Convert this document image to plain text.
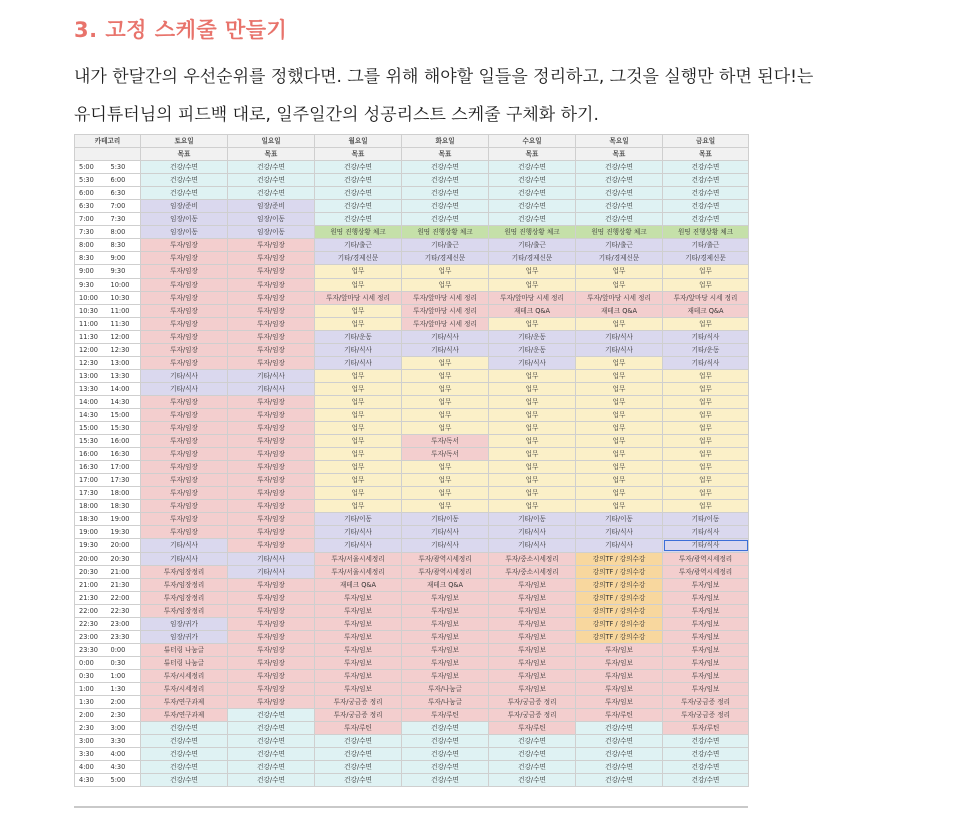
3. 고정 스케줄 만들기
내가 한달간의 우선순위를 정했다면. 그를 위해 해야할 일들을 정리하고, 그것을 실행만 하면 된다!는
유디튜터님의 피드백 대로, 일주일간의 성공리스트 스케줄 구체화 하기.
카테고리		토요일	일요일	월요일	화요일	수요일	목요일	금요일
		목표	목표	목표	목표	목표	목표	목표
5:00	5:30	건강/수면	건강/수면	건강/수면	건강/수면	건강/수면	건강/수면	건강/수면
5:30	6:00	건강/수면	건강/수면	건강/수면	건강/수면	건강/수면	건강/수면	건강/수면
6:00	6:30	건강/수면	건강/수면	건강/수면	건강/수면	건강/수면	건강/수면	건강/수면
6:30	7:00	임장/준비	임장/준비	건강/수면	건강/수면	건강/수면	건강/수면	건강/수면
7:00	7:30	임장/이동	임장/이동	건강/수면	건강/수면	건강/수면	건강/수면	건강/수면
7:30	8:00	임장/이동	임장/이동	원띵 진행상황 체크	원띵 진행상황 체크	원띵 진행상황 체크	원띵 진행상황 체크	원띵 진행상황 체크
8:00	8:30	투자/임장	투자/임장	기타/출근	기타/출근	기타/출근	기타/출근	기타/출근
8:30	9:00	투자/임장	투자/임장	기타/경제신문	기타/경제신문	기타/경제신문	기타/경제신문	기타/경제신문
9:00	9:30	투자/임장	투자/임장	업무	업무	업무	업무	업무
9:30	10:00	투자/임장	투자/임장	업무	업무	업무	업무	업무
10:00	10:30	투자/임장	투자/임장	투자/앞마당 시세 정리	투자/앞마당 시세 정리	투자/앞마당 시세 정리	투자/앞마당 시세 정리	투자/앞마당 시세 정리
10:30	11:00	투자/임장	투자/임장	업무	투자/앞마당 시세 정리	재테크 Q&A	재테크 Q&A	재테크 Q&A
11:00	11:30	투자/임장	투자/임장	업무	투자/앞마당 시세 정리	업무	업무	업무
11:30	12:00	투자/임장	투자/임장	기타/운동	기타/식사	기타/운동	기타/식사	기타/식사
12:00	12:30	투자/임장	투자/임장	기타/식사	기타/식사	기타/운동	기타/식사	기타/운동
12:30	13:00	투자/임장	투자/임장	기타/식사	업무	기타/식사	업무	기타/식사
13:00	13:30	기타/식사	기타/식사	업무	업무	업무	업무	업무
13:30	14:00	기타/식사	기타/식사	업무	업무	업무	업무	업무
14:00	14:30	투자/임장	투자/임장	업무	업무	업무	업무	업무
14:30	15:00	투자/임장	투자/임장	업무	업무	업무	업무	업무
15:00	15:30	투자/임장	투자/임장	업무	업무	업무	업무	업무
15:30	16:00	투자/임장	투자/임장	업무	투자/독서	업무	업무	업무
16:00	16:30	투자/임장	투자/임장	업무	투자/독서	업무	업무	업무
16:30	17:00	투자/임장	투자/임장	업무	업무	업무	업무	업무
17:00	17:30	투자/임장	투자/임장	업무	업무	업무	업무	업무
17:30	18:00	투자/임장	투자/임장	업무	업무	업무	업무	업무
18:00	18:30	투자/임장	투자/임장	업무	업무	업무	업무	업무
18:30	19:00	투자/임장	투자/임장	기타/이동	기타/이동	기타/이동	기타/이동	기타/이동
19:00	19:30	투자/임장	투자/임장	기타/식사	기타/식사	기타/식사	기타/식사	기타/식사
19:30	20:00	기타/식사	투자/임장	기타/식사	기타/식사	기타/식사	기타/식사	기타/식사
20:00	20:30	기타/식사	기타/식사	투자/서울시세정리	투자/광역시세정리	투자/중소시세정리	강의TF / 강의수강	투자/광역시세정리
20:30	21:00	투자/임장정리	기타/식사	투자/서울시세정리	투자/광역시세정리	투자/중소시세정리	강의TF / 강의수강	투자/광역시세정리
21:00	21:30	투자/임장정리	투자/임장	재테크 Q&A	재테크 Q&A	투자/임보	강의TF / 강의수강	투자/임보
21:30	22:00	투자/임장정리	투자/임장	투자/임보	투자/임보	투자/임보	강의TF / 강의수강	투자/임보
22:00	22:30	투자/임장정리	투자/임장	투자/임보	투자/임보	투자/임보	강의TF / 강의수강	투자/임보
22:30	23:00	임장/귀가	투자/임장	투자/임보	투자/임보	투자/임보	강의TF / 강의수강	투자/임보
23:00	23:30	임장/귀가	투자/임장	투자/임보	투자/임보	투자/임보	강의TF / 강의수강	투자/임보
23:30	0:00	튜터링 나눔글	투자/임장	투자/임보	투자/임보	투자/임보	투자/임보	투자/임보
0:00	0:30	튜터링 나눔글	투자/임장	투자/임보	투자/임보	투자/임보	투자/임보	투자/임보
0:30	1:00	투자/시세정리	투자/임장	투자/임보	투자/임보	투자/임보	투자/임보	투자/임보
1:00	1:30	투자/시세정리	투자/임장	투자/임보	투자/나눔글	투자/임보	투자/임보	투자/임보
1:30	2:00	투자/연구과제	투자/임장	투자/궁금증 정리	투자/나눔글	투자/궁금증 정리	투자/임보	투자/궁금증 정리
2:00	2:30	투자/연구과제	건강/수면	투자/궁금증 정리	투자/루틴	투자/궁금증 정리	투자/루틴	투자/궁금증 정리
2:30	3:00	건강/수면	건강/수면	투자/루틴	건강/수면	투자/루틴	건강/수면	투자/루틴
3:00	3:30	건강/수면	건강/수면	건강/수면	건강/수면	건강/수면	건강/수면	건강/수면
3:30	4:00	건강/수면	건강/수면	건강/수면	건강/수면	건강/수면	건강/수면	건강/수면
4:00	4:30	건강/수면	건강/수면	건강/수면	건강/수면	건강/수면	건강/수면	건강/수면
4:30	5:00	건강/수면	건강/수면	건강/수면	건강/수면	건강/수면	건강/수면	건강/수면
